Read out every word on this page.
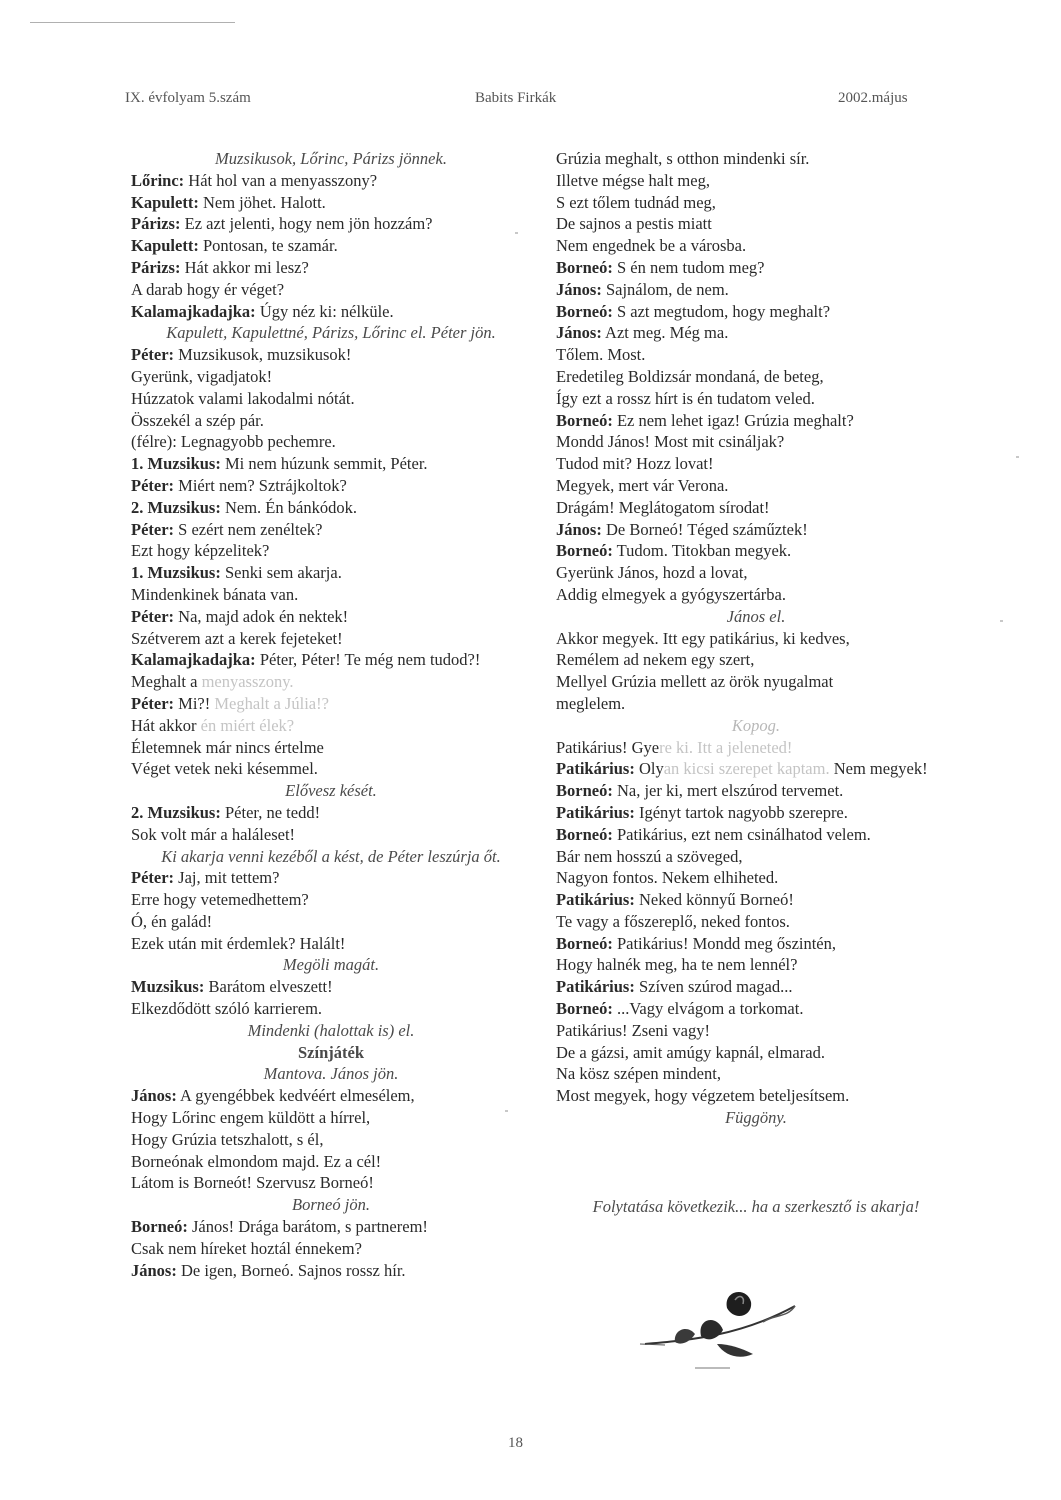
IX. évfolyam 5.szám	Babits Firkák	2002.május
Muzsikusok, Lőrinc, Párizs jönnek.
Lőrinc: Hát hol van a menyasszony?
Kapulett: Nem jöhet. Halott.
Párizs: Ez azt jelenti, hogy nem jön hozzám?
Kapulett: Pontosan, te szamár.
Párizs: Hát akkor mi lesz?
A darab hogy ér véget?
Kalamajkadajka: Úgy néz ki: nélküle.
Kapulett, Kapulettné, Párizs, Lőrinc el. Péter jön.
Péter: Muzsikusok, muzsikusok!
Gyerünk, vigadjatok!
Húzzatok valami lakodalmi nótát.
Összekél a szép pár.
(félre): Legnagyobb pechemre.
1. Muzsikus: Mi nem húzunk semmit, Péter.
Péter: Miért nem? Sztrájkoltok?
2. Muzsikus: Nem. Én bánkódok.
Péter: S ezért nem zenéltek?
Ezt hogy képzelitek?
1. Muzsikus: Senki sem akarja.
Mindenkinek bánata van.
Péter: Na, majd adok én nektek!
Szétverem azt a kerek fejeteket!
Kalamajkadajka: Péter, Péter! Te még nem tudod?!
Meghalt a menyasszony.
Péter: Mi?! Meghalt a Júlia!?
Hát akkor én miért élek?
Életemnek már nincs értelme
Véget vetek neki késemmel.
Elővesz kését.
2. Muzsikus: Péter, ne tedd!
Sok volt már a haláleset!
Ki akarja venni kezéből a kést, de Péter leszúrja őt.
Péter: Jaj, mit tettem?
Erre hogy vetemedhettem?
Ó, én galád!
Ezek után mit érdemlek? Halált!
Megöli magát.
Muzsikus: Barátom elveszett!
Elkezdődött szóló karrierem.
Mindenki (halottak is) el.
Színjáték
Mantova. János jön.
János: A gyengébbek kedvéért elmesélem,
Hogy Lőrinc engem küldött a hírrel,
Hogy Grúzia tetszhalott, s él,
Borneónak elmondom majd. Ez a cél!
Látom is Borneót! Szervusz Borneó!
Borneó jön.
Borneó: János! Drága barátom, s partnerem!
Csak nem híreket hoztál énnekem?
János: De igen, Borneó. Sajnos rossz hír.
Grúzia meghalt, s otthon mindenki sír.
Illetve mégse halt meg,
S ezt tőlem tudnád meg,
De sajnos a pestis miatt
Nem engednek be a városba.
Borneó: S én nem tudom meg?
János: Sajnálom, de nem.
Borneó: S azt megtudom, hogy meghalt?
János: Azt meg. Még ma.
Tőlem. Most.
Eredetileg Boldizsár mondaná, de beteg,
Így ezt a rossz hírt is én tudatom veled.
Borneó: Ez nem lehet igaz! Grúzia meghalt?
Mondd János! Most mit csináljak?
Tudod mit? Hozz lovat!
Megyek, mert vár Verona.
Drágám! Meglátogatom sírodat!
János: De Borneó! Téged száműztek!
Borneó: Tudom. Titokban megyek.
Gyerünk János, hozd a lovat,
Addig elmegyek a gyógyszertárba.
János el.
Akkor megyek. Itt egy patikárius, ki kedves,
Remélem ad nekem egy szert,
Mellyel Grúzia mellett az örök nyugalmat
meglelem.
Kopog.
Patikárius! Gyere ki. Itt a jeleneted!
Patikárius: Olyan kicsi szerepet kaptam. Nem megyek!
Borneó: Na, jer ki, mert elszúrod tervemet.
Patikárius: Igényt tartok nagyobb szerepre.
Borneó: Patikárius, ezt nem csinálhatod velem.
Bár nem hosszú a szöveged,
Nagyon fontos. Nekem elhiheted.
Patikárius: Neked könnyű Borneó!
Te vagy a főszereplő, neked fontos.
Borneó: Patikárius! Mondd meg őszintén,
Hogy halnék meg, ha te nem lennél?
Patikárius: Szíven szúrod magad...
Borneó: ...Vagy elvágom a torkomat.
Patikárius! Zseni vagy!
De a gázsi, amit amúgy kapnál, elmarad.
Na kösz szépen mindent,
Most megyek, hogy végzetem beteljesítsem.
Függöny.
Folytatása következik... ha a szerkesztő is akarja!
18
